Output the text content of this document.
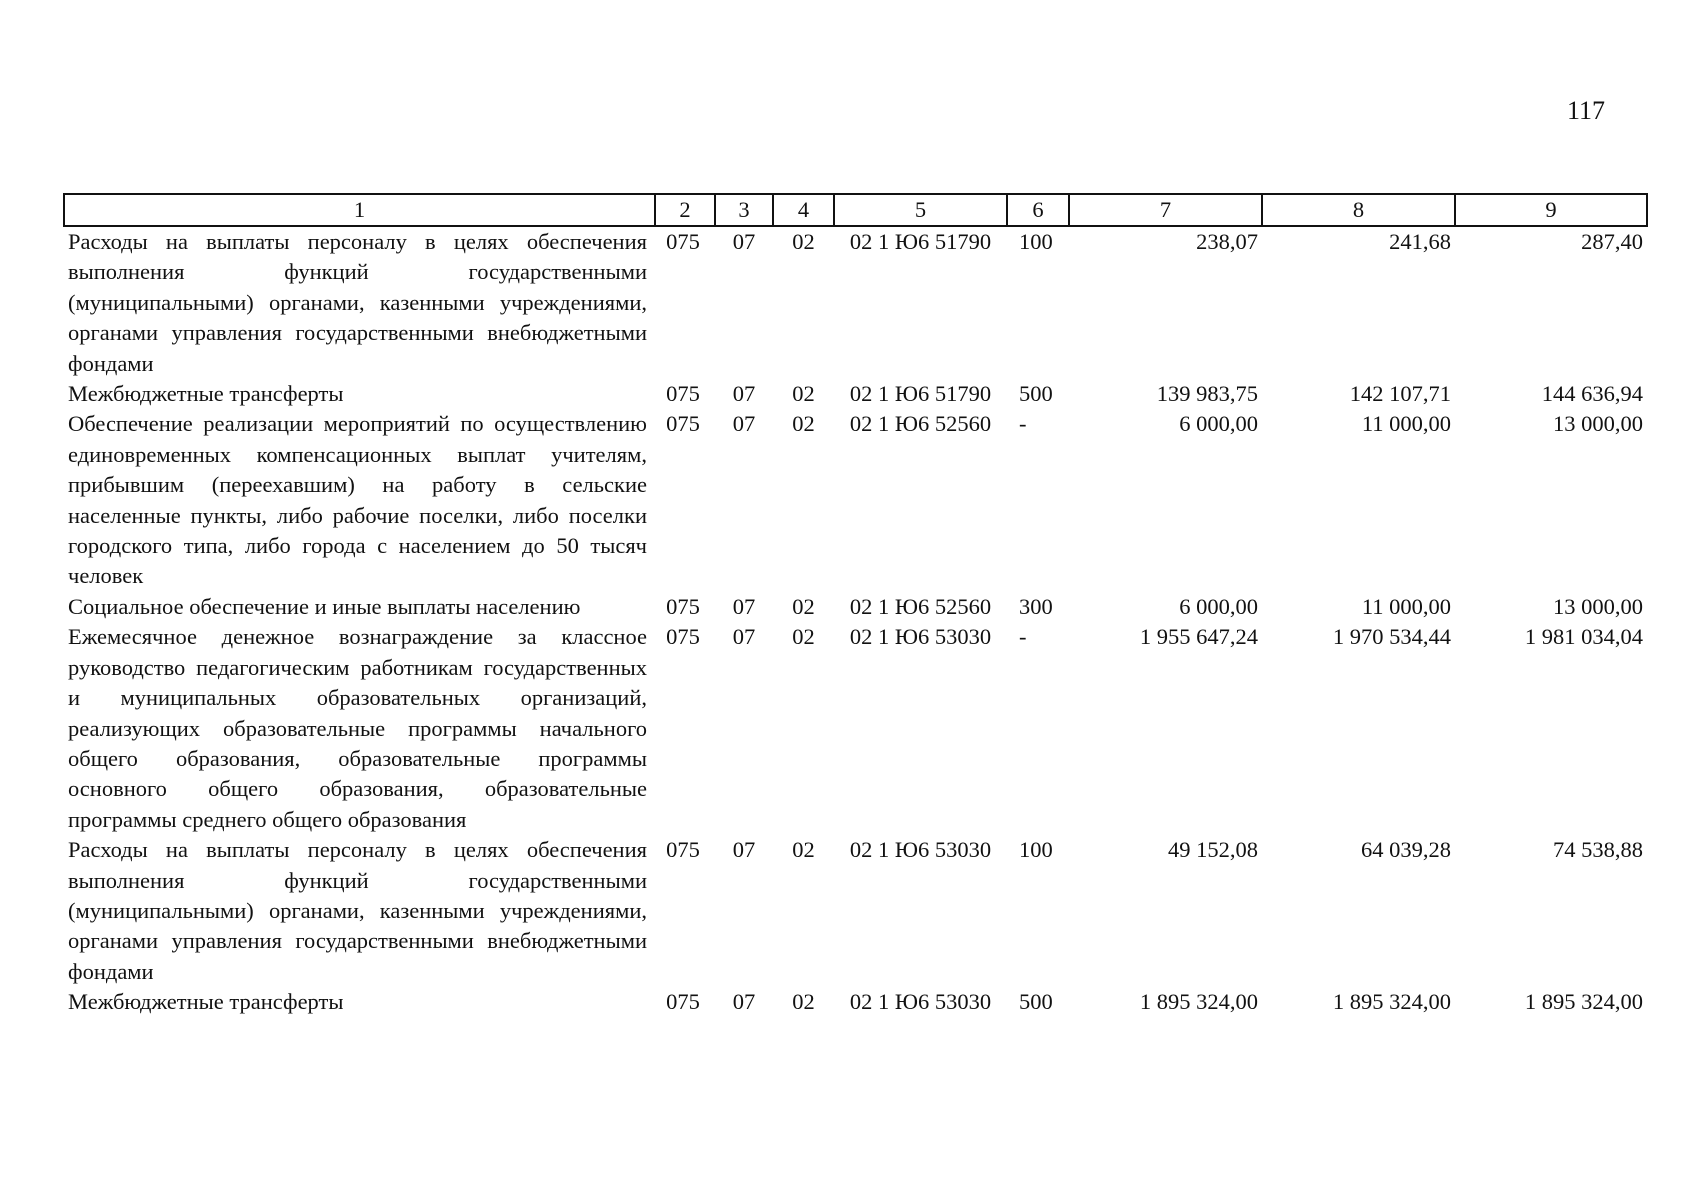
117
1	2	3	4	5	6	7	8	9
Расходы на выплаты персоналу в целях обеспечения выполнения функций государственными (муниципальными) органами, казенными учреждениями, органами управления государственными внебюджетными фондами	075	07	02	02 1 Ю6 51790	100	238,07	241,68	287,40
Межбюджетные трансферты	075	07	02	02 1 Ю6 51790	500	139 983,75	142 107,71	144 636,94
Обеспечение реализации мероприятий по осуществлению единовременных компенсационных выплат учителям, прибывшим (переехавшим) на работу в сельские населенные пункты, либо рабочие поселки, либо поселки городского типа, либо города с населением до 50 тысяч человек	075	07	02	02 1 Ю6 52560	-	6 000,00	11 000,00	13 000,00
Социальное обеспечение и иные выплаты населению	075	07	02	02 1 Ю6 52560	300	6 000,00	11 000,00	13 000,00
Ежемесячное денежное вознаграждение за классное руководство педагогическим работникам государственных и муниципальных образовательных организаций, реализующих образовательные программы начального общего образования, образовательные программы основного общего образования, образовательные программы среднего общего образования	075	07	02	02 1 Ю6 53030	-	1 955 647,24	1 970 534,44	1 981 034,04
Расходы на выплаты персоналу в целях обеспечения выполнения функций государственными (муниципальными) органами, казенными учреждениями, органами управления государственными внебюджетными фондами	075	07	02	02 1 Ю6 53030	100	49 152,08	64 039,28	74 538,88
Межбюджетные трансферты	075	07	02	02 1 Ю6 53030	500	1 895 324,00	1 895 324,00	1 895 324,00
